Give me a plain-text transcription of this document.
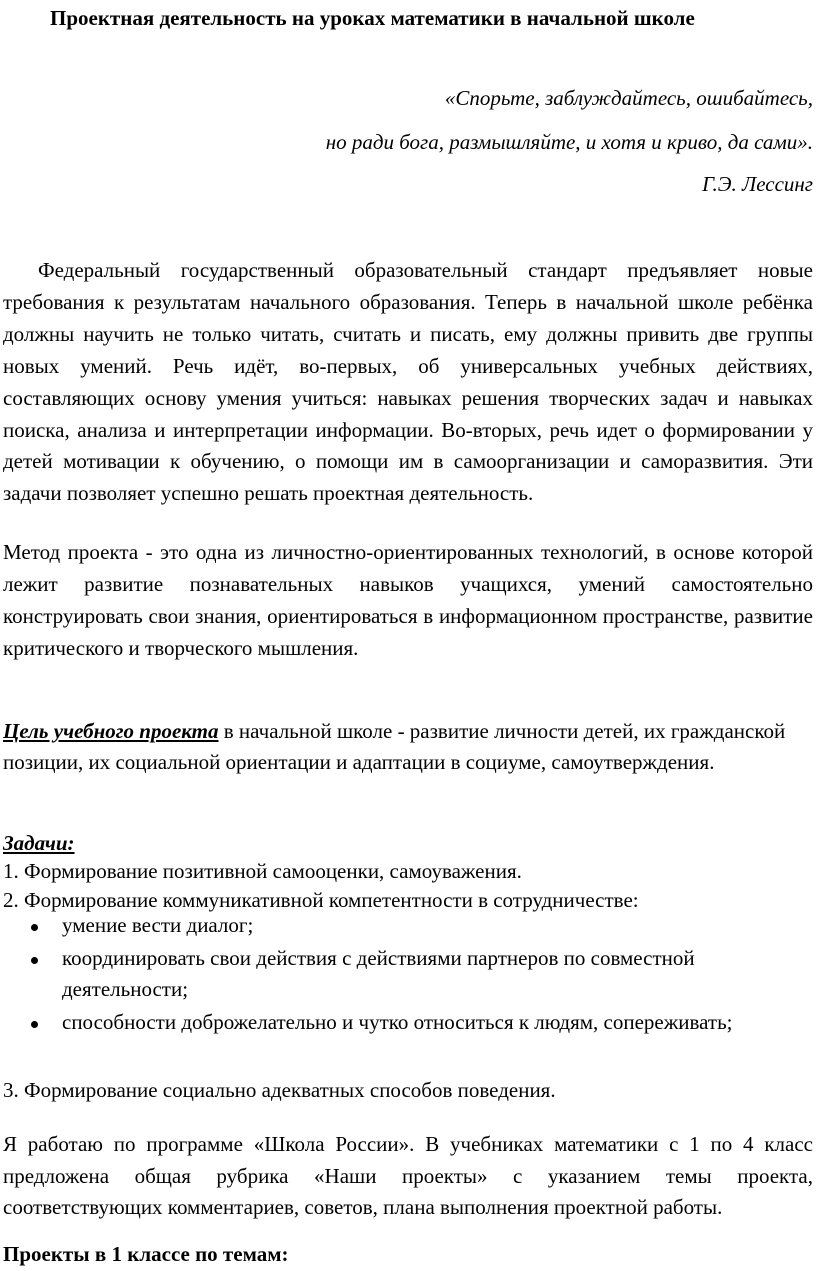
Проектная деятельность на уроках математики в начальной школе
«Спорьте, заблуждайтесь, ошибайтесь,
но ради бога, размышляйте, и хотя и криво, да сами».
Г.Э. Лессинг

Федеральный государственный образовательный стандарт предъявляет новые требования к результатам начального образования. Теперь в начальной школе ребёнка должны научить не только читать, считать и писать, ему должны привить две группы новых умений. Речь идёт, во-первых, об универсальных учебных действиях, составляющих основу умения учиться: навыках решения творческих задач и навыках поиска, анализа и интерпретации информации. Во-вторых, речь идет о формировании у детей мотивации к обучению, о помощи им в самоорганизации и саморазвития. Эти задачи позволяет успешно решать проектная деятельность.

Метод проекта - это одна из личностно-ориентированных технологий, в основе которой лежит развитие познавательных навыков учащихся, умений самостоятельно конструировать свои знания, ориентироваться в информационном пространстве, развитие критического и творческого мышления.

Цель учебного проекта в начальной школе - развитие личности детей, их гражданской позиции, их социальной ориентации и адаптации в социуме, самоутверждения.

Задачи:
1. Формирование позитивной самооценки, самоуважения.
2. Формирование коммуникативной компетентности в сотрудничестве:
умение вести диалог;
координировать свои действия с действиями партнеров по совместной деятельности;
способности доброжелательно и чутко относиться к людям, сопереживать;
3. Формирование социально адекватных способов поведения.

Я работаю по программе «Школа России». В учебниках математики с 1 по 4 класс предложена общая рубрика «Наши проекты» с указанием темы проекта, соответствующих комментариев, советов, плана выполнения проектной работы.

Проекты в 1 классе по темам:
